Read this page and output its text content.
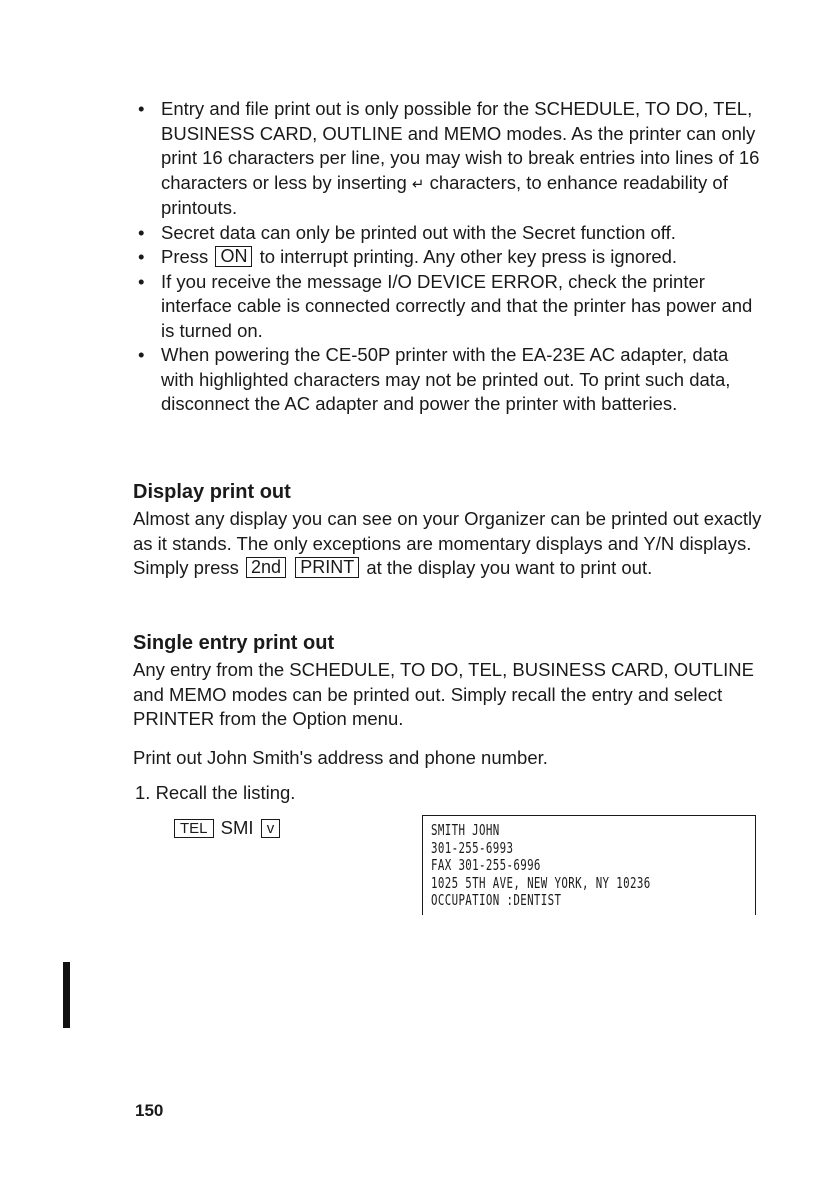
• Entry and file print out is only possible for the SCHEDULE, TO DO, TEL, BUSINESS CARD, OUTLINE and MEMO modes. As the printer can only print 16 characters per line, you may wish to break entries into lines of 16 characters or less by inserting ↵ characters, to enhance readability of printouts.
• Secret data can only be printed out with the Secret function off.
• Press ON to interrupt printing. Any other key press is ignored.
• If you receive the message I/O DEVICE ERROR, check the printer interface cable is connected correctly and that the printer has power and is turned on.
• When powering the CE-50P printer with the EA-23E AC adapter, data with highlighted characters may not be printed out. To print such data, disconnect the AC adapter and power the printer with batteries.
Display print out

Almost any display you can see on your Organizer can be printed out exactly as it stands. The only exceptions are momentary displays and Y/N displays. Simply press 2nd PRINT at the display you want to print out.

Single entry print out

Any entry from the SCHEDULE, TO DO, TEL, BUSINESS CARD, OUTLINE and MEMO modes can be printed out. Simply recall the entry and select PRINTER from the Option menu.

Print out John Smith's address and phone number.

1. Recall the listing.

TEL SMI v	SMITH JOHN
301-255-6993
FAX 301-255-6996
1025 5TH AVE, NEW YORK, NY 10236
OCCUPATION :DENTIST
150
